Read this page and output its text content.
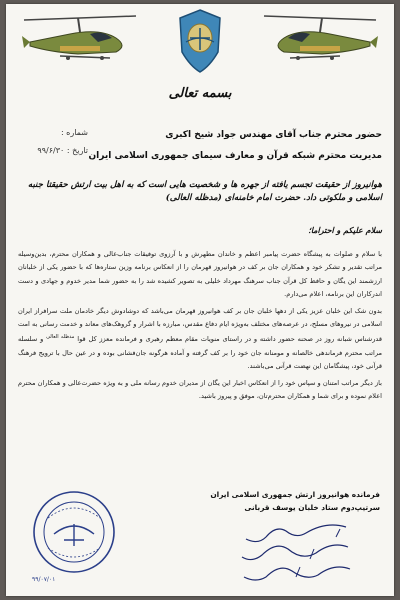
بسمه تعالی
شماره :
تاریخ : ۹۹/۶/۳۰
حضور محترم جناب آقای مهندس جواد شیخ اکبری
مدیریت محترم شبکه قرآن و معارف سیمای جمهوری اسلامی ایران
هوانیروز از حقیقت تجسم یافته از جهره ها و شخصیت هایی است که به اهل بیت ارتش حقیقتا جنبه اسلامی و ملکوتی داد. حضرت امام خامنه‌ای (مدظله العالی)
سلام علیکم و احتراما؛

با سلام و صلوات به پیشگاه حضرت پیامبر اعظم و خاندان مطهرش و با آرزوی توفیقات جناب‌عالی و همکاران محترم، بدین‌وسیله مراتب تقدیر و تشکر خود و همکاران جان بر کف در هوانیروز قهرمان را از انعکاس برنامه وزین ستاره‌ها که با حضور یکی از خلبانان ارزشمند این یگان و حافظ کل قرآن جناب سرهنگ مهرداد خلیلی به تصویر کشیده شد را به حضور شما مدیر خدوم و جهادی و دست اندرکاران این برنامه، اعلام می‌دارم.

بدون شک این خلبان عزیز یکی از دهها خلبان جان بر کف هوانیروز قهرمان می‌باشد که دوشادوش دیگر خادمان ملت سرافراز ایران اسلامی در نیروهای مسلح، در عرصه‌های مختلف به‌ویژه ایام دفاع مقدس، مبارزه با اشرار و گروهک‌های معاند و خدمت رسانی به امت قدرشناس شبانه روز در صحنه حضور داشته و در راستای منویات مقام معظم رهبری و فرمانده معزز کل قوا $^{مدظله العالی}$ و سلسله مراتب محترم فرماندهی خالصانه و مومنانه جان خود را بر کف گرفته و آماده هرگونه جان‌فشانی بوده و در عین حال با ترویج فرهنگ قرآنی خود، پیشگامان این نهضت قرآنی می‌باشند.

باز دیگر مراتب امتنان و سپاس خود را از انعکاس اخبار این یگان از مدیران خدوم رسانه ملی و به ویژه حضرت‌عالی و همکاران محترم اعلام نموده و برای شما و همکاران محترم‌تان، موفق و پیروز باشید.

فرمانده هوانیروز ارتش جمهوری اسلامی ایران
سرتیپ‌دوم ستاد خلبان یوسف قربانی
۹۹/۰۷/۰۱
